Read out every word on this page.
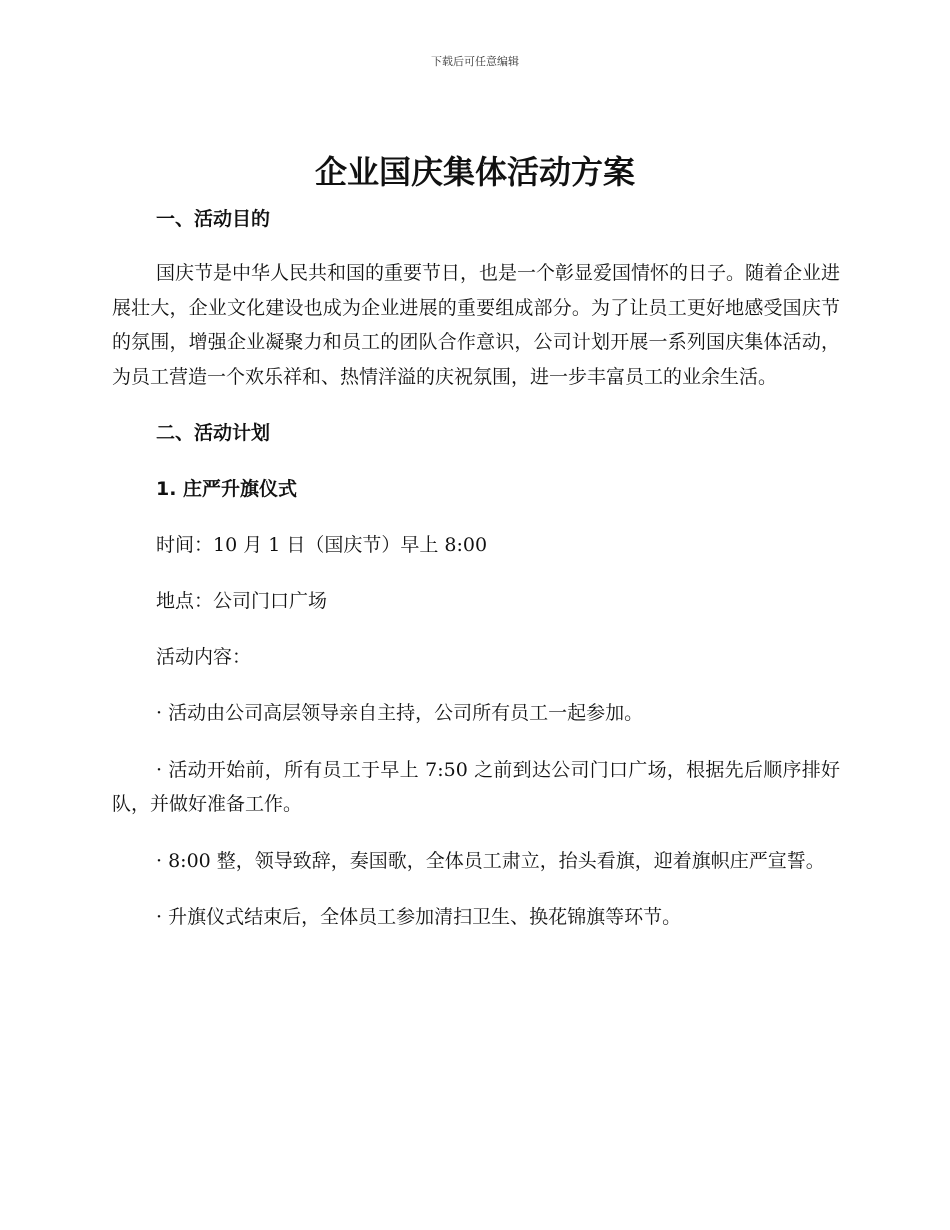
下载后可任意编辑
企业国庆集体活动方案
一、活动目的

国庆节是中华人民共和国的重要节日，也是一个彰显爱国情怀的日子。随着企业进展壮大，企业文化建设也成为企业进展的重要组成部分。为了让员工更好地感受国庆节的氛围，增强企业凝聚力和员工的团队合作意识，公司计划开展一系列国庆集体活动，为员工营造一个欢乐祥和、热情洋溢的庆祝氛围，进一步丰富员工的业余生活。

二、活动计划
1. 庄严升旗仪式

时间：10 月 1 日（国庆节）早上 8:00

地点：公司门口广场

活动内容：

· 活动由公司高层领导亲自主持，公司所有员工一起参加。

· 活动开始前，所有员工于早上 7:50 之前到达公司门口广场，根据先后顺序排好队，并做好准备工作。

· 8:00 整，领导致辞，奏国歌，全体员工肃立，抬头看旗，迎着旗帜庄严宣誓。

· 升旗仪式结束后，全体员工参加清扫卫生、换花锦旗等环节。
